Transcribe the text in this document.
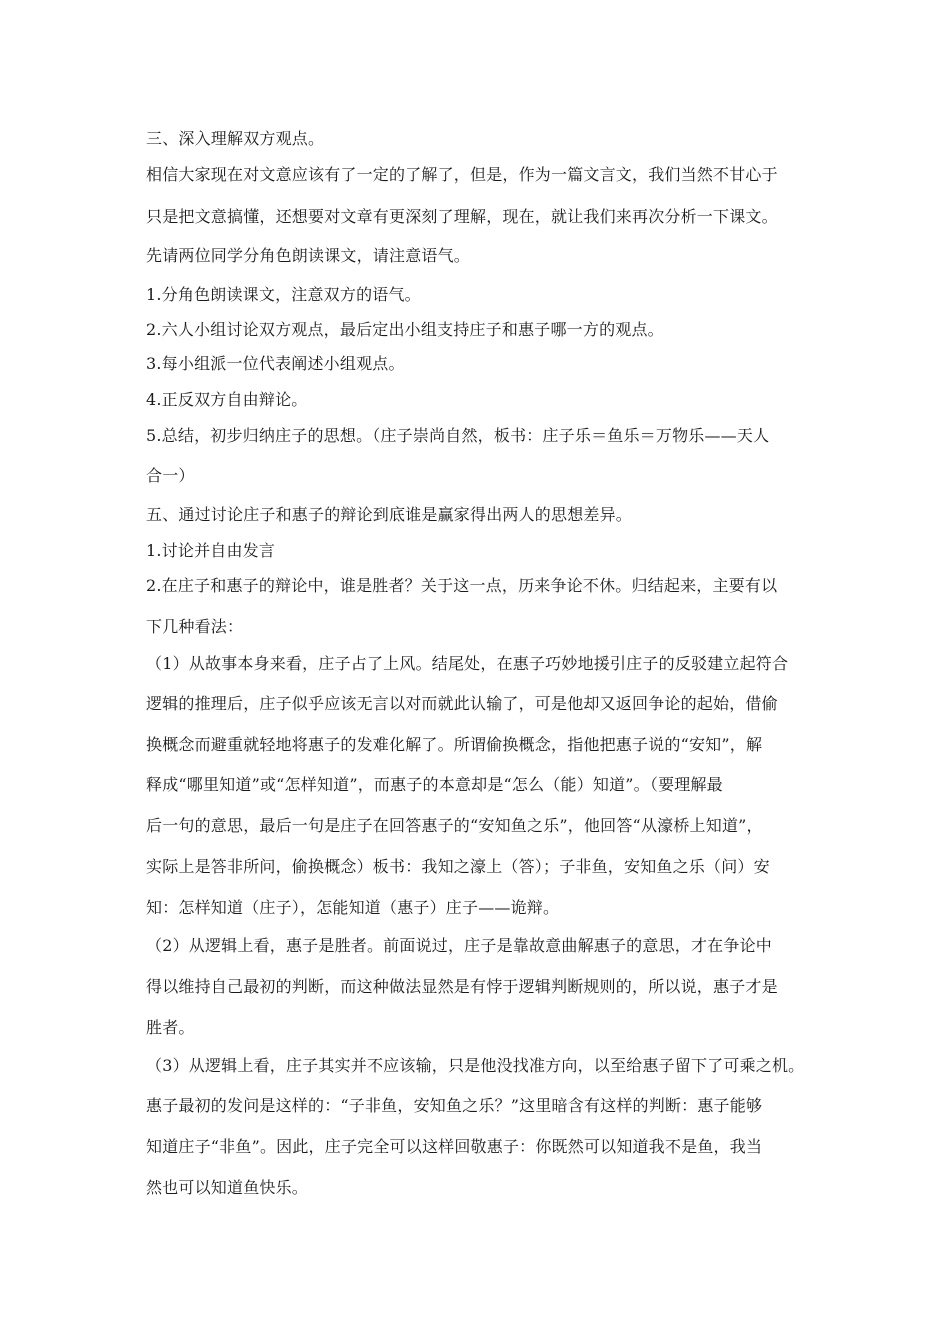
三、深入理解双方观点。
相信大家现在对文意应该有了一定的了解了，但是，作为一篇文言文，我们当然不甘心于
只是把文意搞懂，还想要对文章有更深刻了理解，现在，就让我们来再次分析一下课文。
先请两位同学分角色朗读课文，请注意语气。
1.分角色朗读课文，注意双方的语气。
2.六人小组讨论双方观点，最后定出小组支持庄子和惠子哪一方的观点。
3.每小组派一位代表阐述小组观点。
4.正反双方自由辩论。
5.总结，初步归纳庄子的思想。（庄子崇尚自然，板书：庄子乐＝鱼乐＝万物乐——天人
合一）
五、通过讨论庄子和惠子的辩论到底谁是赢家得出两人的思想差异。
1.讨论并自由发言
2.在庄子和惠子的辩论中，谁是胜者？关于这一点，历来争论不休。归结起来，主要有以
下几种看法：
（1）从故事本身来看，庄子占了上风。结尾处，在惠子巧妙地援引庄子的反驳建立起符合
逻辑的推理后，庄子似乎应该无言以对而就此认输了，可是他却又返回争论的起始，借偷
换概念而避重就轻地将惠子的发难化解了。所谓偷换概念，指他把惠子说的“安知”，解
释成“哪里知道”或“怎样知道”，而惠子的本意却是“怎么（能）知道”。（要理解最
后一句的意思，最后一句是庄子在回答惠子的“安知鱼之乐”，他回答“从濠桥上知道”，
实际上是答非所问，偷换概念）板书：我知之濠上（答）；子非鱼，安知鱼之乐（问）安
知：怎样知道（庄子），怎能知道（惠子）庄子——诡辩。
（2）从逻辑上看，惠子是胜者。前面说过，庄子是靠故意曲解惠子的意思，才在争论中
得以维持自己最初的判断，而这种做法显然是有悖于逻辑判断规则的，所以说，惠子才是
胜者。
（3）从逻辑上看，庄子其实并不应该输，只是他没找准方向，以至给惠子留下了可乘之机。
惠子最初的发问是这样的：“子非鱼，安知鱼之乐？”这里暗含有这样的判断：惠子能够
知道庄子“非鱼”。因此，庄子完全可以这样回敬惠子：你既然可以知道我不是鱼，我当
然也可以知道鱼快乐。
